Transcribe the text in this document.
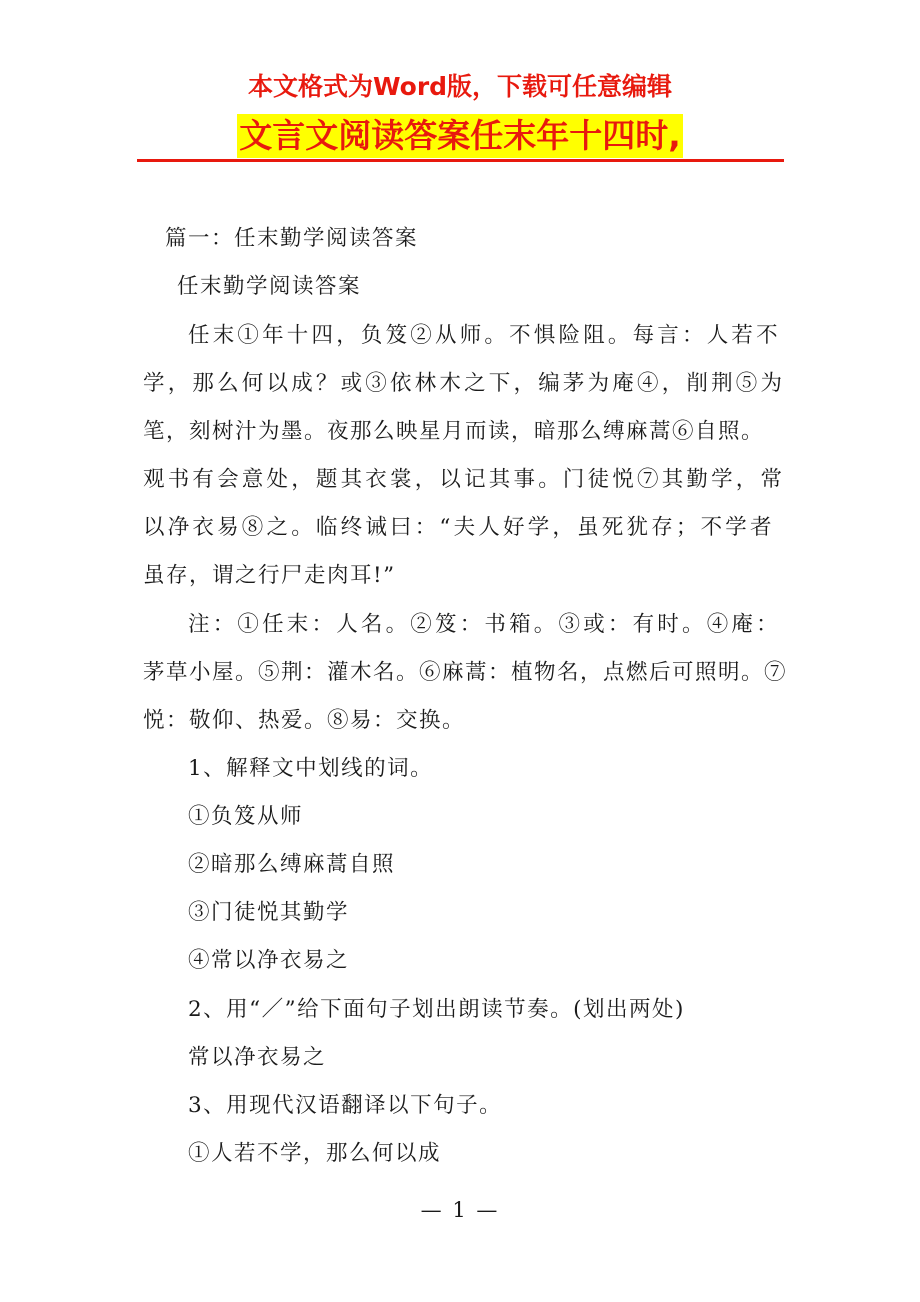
本文格式为Word版，下载可任意编辑
文言文阅读答案任末年十四时,
篇一：任末勤学阅读答案
任末勤学阅读答案
任末①年十四，负笈②从师。不惧险阻。每言：人若不
学，那么何以成？或③依林木之下，编茅为庵④，削荆⑤为
笔，刻树汁为墨。夜那么映星月而读，暗那么缚麻蒿⑥自照。
观书有会意处，题其衣裳，以记其事。门徒悦⑦其勤学，常
以净衣易⑧之。临终诫曰：“夫人好学，虽死犹存；不学者
虽存，谓之行尸走肉耳!”
注：①任末：人名。②笈：书箱。③或：有时。④庵：
茅草小屋。⑤荆：灌木名。⑥麻蒿：植物名，点燃后可照明。⑦
悦：敬仰、热爱。⑧易：交换。
1、解释文中划线的词。
①负笈从师
②暗那么缚麻蒿自照
③门徒悦其勤学
④常以净衣易之
2、用“／”给下面句子划出朗读节奏。(划出两处)
常以净衣易之
3、用现代汉语翻译以下句子。
①人若不学，那么何以成
— 1 —
